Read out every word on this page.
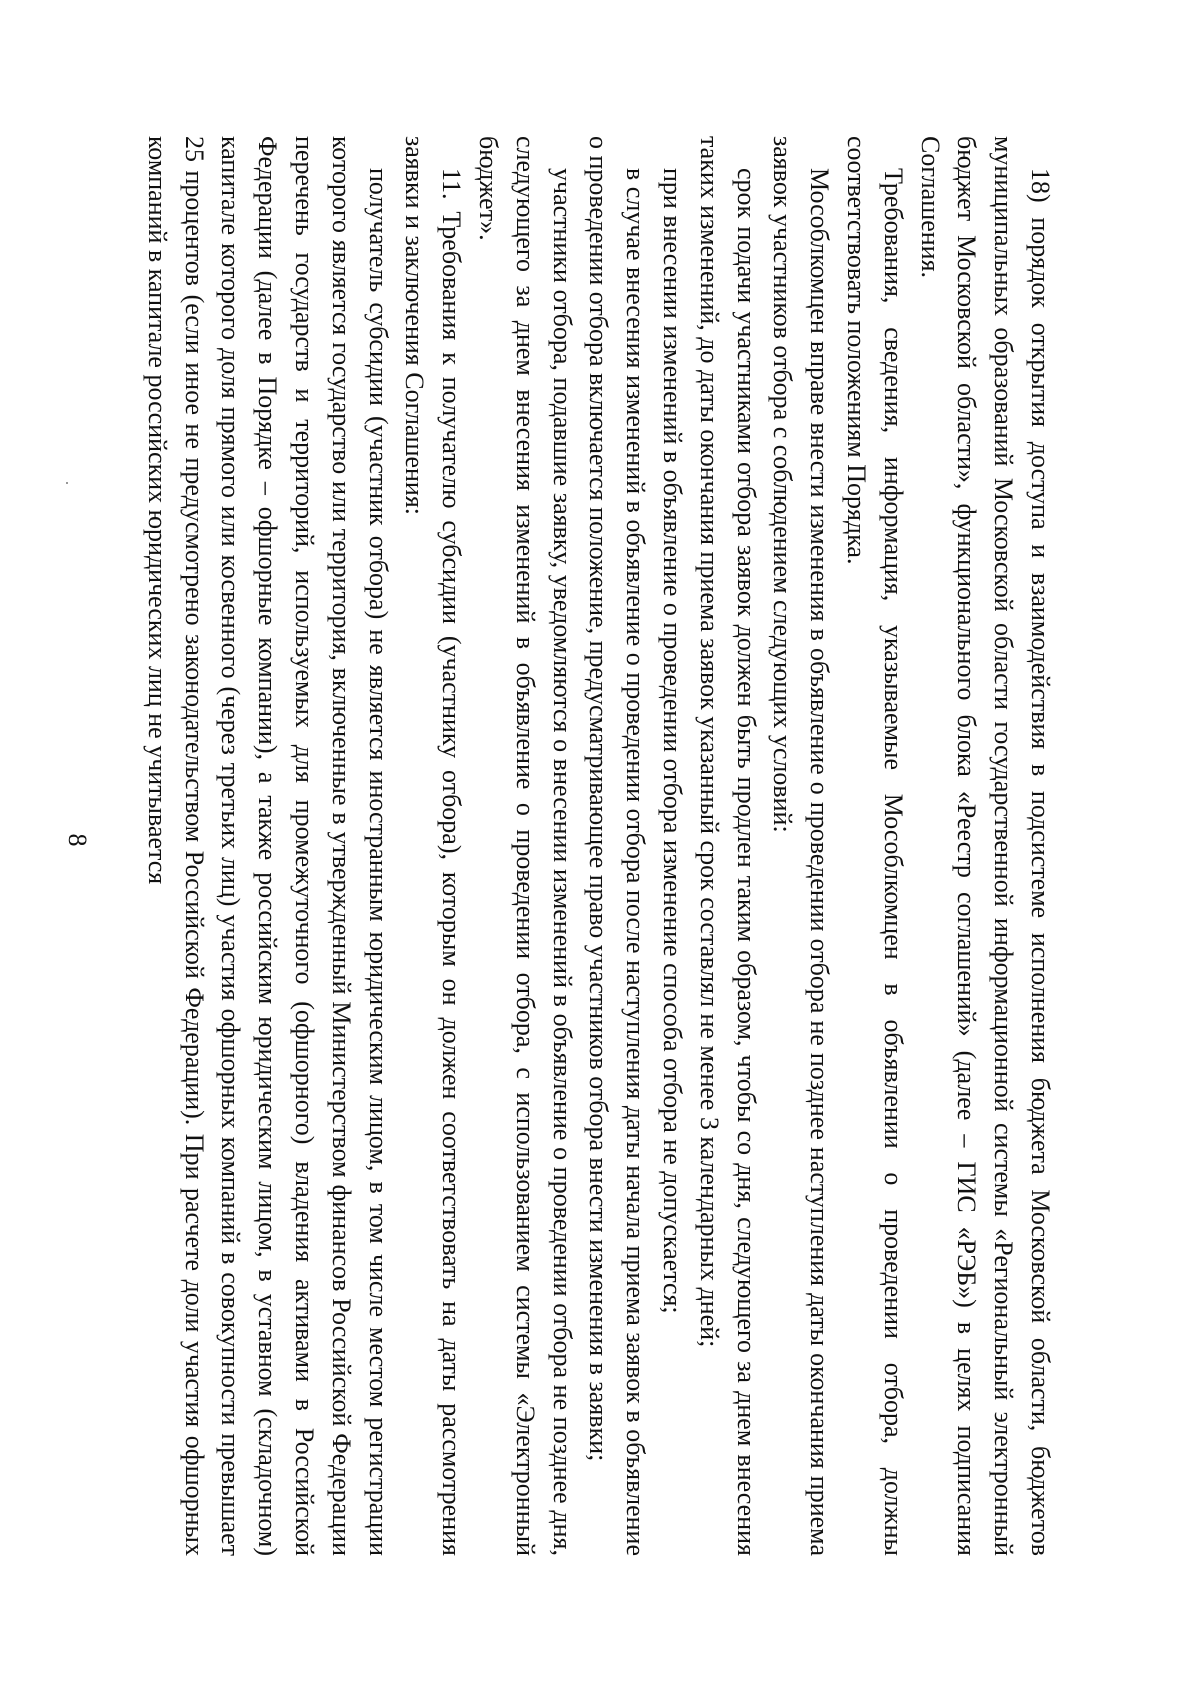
8	18) порядок открытия доступа и взаимодействия в подсистеме исполнения бюджета Московской области, бюджетов муниципальных образований Московской области государственной информационной системы «Региональный электронный бюджет Московской области», функционального блока «Реестр соглашений» (далее – ГИС «РЭБ») в целях подписания Соглашения.

Требования, сведения, информация, указываемые Мособлкомцен в объявлении о проведении отбора, должны соответствовать положениям Порядка.

Мособлкомцен вправе внести изменения в объявление о проведении отбора не позднее наступления даты окончания приема заявок участников отбора с соблюдением следующих условий:

срок подачи участниками отбора заявок должен быть продлен таким образом, чтобы со дня, следующего за днем внесения таких изменений, до даты окончания приема заявок указанный срок составлял не менее 3 календарных дней;

при внесении изменений в объявление о проведении отбора изменение способа отбора не допускается;

в случае внесения изменений в объявление о проведении отбора после наступления даты начала приема заявок в объявление о проведении отбора включается положение, предусматривающее право участников отбора внести изменения в заявки;

участники отбора, подавшие заявку, уведомляются о внесении изменений в объявление о проведении отбора не позднее дня, следующего за днем внесения изменений в объявление о проведении отбора, с использованием системы «Электронный бюджет».

11. Требования к получателю субсидии (участнику отбора), которым он должен соответствовать на даты рассмотрения заявки и заключения Соглашения:

получатель субсидии (участник отбора) не является иностранным юридическим лицом, в том числе местом регистрации которого является государство или территория, включенные в утвержденный Министерством финансов Российской Федерации перечень государств и территорий, используемых для промежуточного (офшорного) владения активами в Российской Федерации (далее в Порядке – офшорные компании), а также российским юридическим лицом, в уставном (складочном) капитале которого доля прямого или косвенного (через третьих лиц) участия офшорных компаний в совокупности превышает 25 процентов (если иное не предусмотрено законодательством Российской Федерации). При расчете доли участия офшорных компаний в капитале российских юридических лиц не учитывается
